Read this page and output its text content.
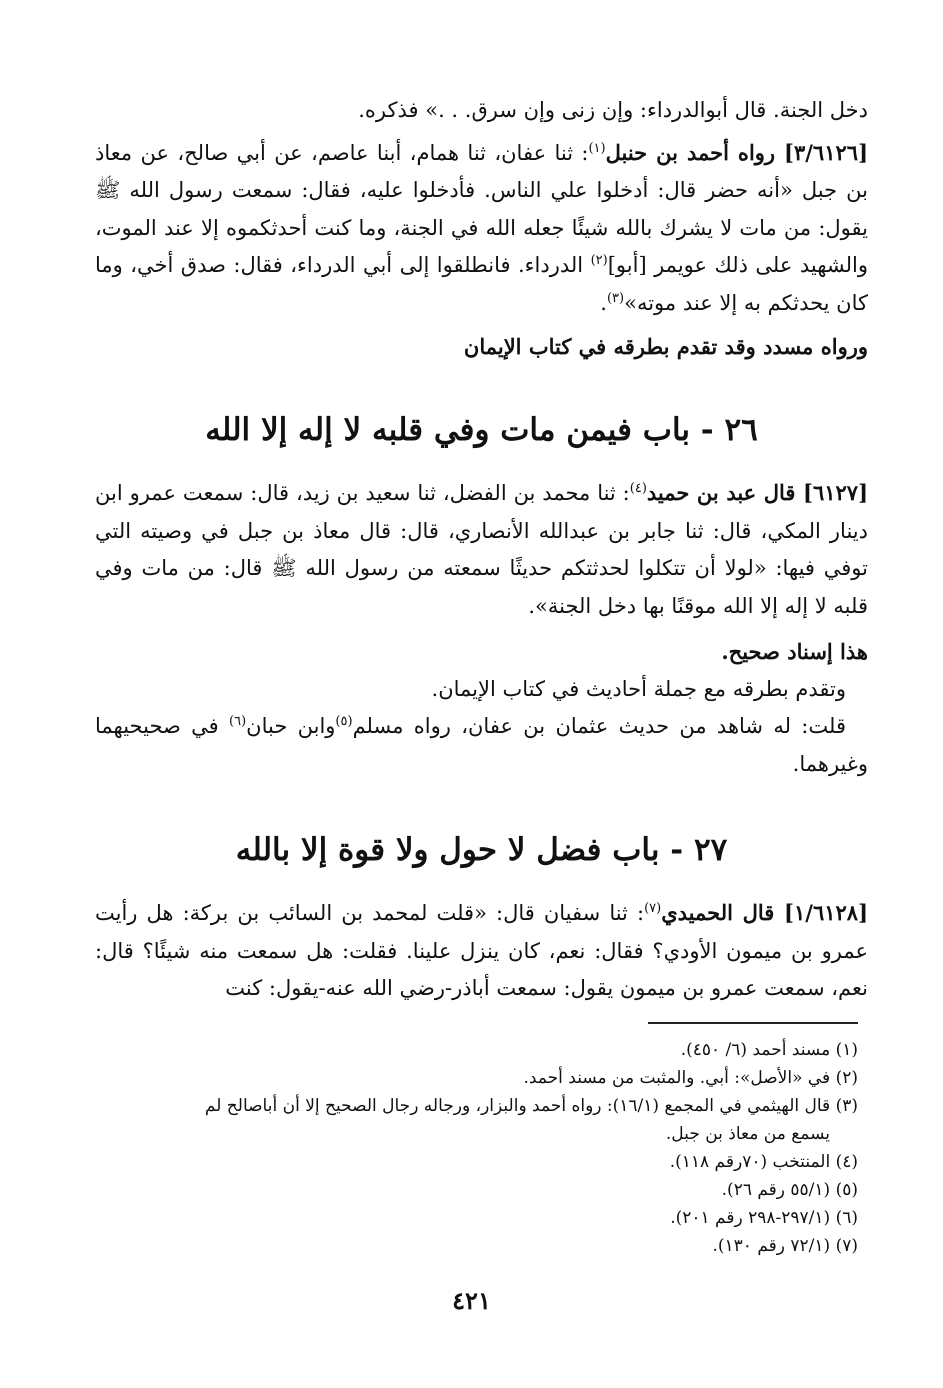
دخل الجنة. قال أبوالدرداء: وإن زنى وإن سرق. . .» فذكره.

[٣/٦١٢٦] رواه أحمد بن حنبل$^{(١)}$: ثنا عفان، ثنا همام، أبنا عاصم، عن أبي صالح، عن معاذ بن جبل «أنه حضر قال: أدخلوا علي الناس. فأدخلوا عليه، فقال: سمعت رسول الله ﷺ يقول: من مات لا يشرك بالله شيئًا جعله الله في الجنة، وما كنت أحدثكموه إلا عند الموت، والشهيد على ذلك عويمر [أبو]$^{(٢)}$ الدرداء. فانطلقوا إلى أبي الدرداء، فقال: صدق أخي، وما كان يحدثكم به إلا عند موته»$^{(٣)}$.

ورواه مسدد وقد تقدم بطرقه في كتاب الإيمان

٢٦ - باب فيمن مات وفي قلبه لا إله إلا الله

[٦١٢٧] قال عبد بن حميد$^{(٤)}$: ثنا محمد بن الفضل، ثنا سعيد بن زيد، قال: سمعت عمرو ابن دينار المكي، قال: ثنا جابر بن عبدالله الأنصاري، قال: قال معاذ بن جبل في وصيته التي توفي فيها: «لولا أن تتكلوا لحدثتكم حديثًا سمعته من رسول الله ﷺ قال: من مات وفي قلبه لا إله إلا الله موقنًا بها دخل الجنة».

هذا إسناد صحيح.

وتقدم بطرقه مع جملة أحاديث في كتاب الإيمان.

قلت: له شاهد من حديث عثمان بن عفان، رواه مسلم$^{(٥)}$وابن حبان$^{(٦)}$ في صحيحيهما وغيرهما.

٢٧ - باب فضل لا حول ولا قوة إلا بالله

[١/٦١٢٨] قال الحميدي$^{(٧)}$: ثنا سفيان قال: «قلت لمحمد بن السائب بن بركة: هل رأيت عمرو بن ميمون الأودي؟ فقال: نعم، كان ينزل علينا. فقلت: هل سمعت منه شيئًا؟ قال: نعم، سمعت عمرو بن ميمون يقول: سمعت أباذر-رضي الله عنه-يقول: كنت

(١) مسند أحمد (٦/ ٤٥٠).

(٢) في «الأصل»: أبي. والمثبت من مسند أحمد.

(٣) قال الهيثمي في المجمع (١٦/١): رواه أحمد والبزار، ورجاله رجال الصحيح إلا أن أباصالح لم

يسمع من معاذ بن جبل.

(٤) المنتخب (٧٠رقم ١١٨).

(٥) (٥٥/١ رقم ٢٦).

(٦) (٢٩٧/١-٢٩٨ رقم ٢٠١).

(٧) (٧٢/١ رقم ١٣٠).

٤٢١
